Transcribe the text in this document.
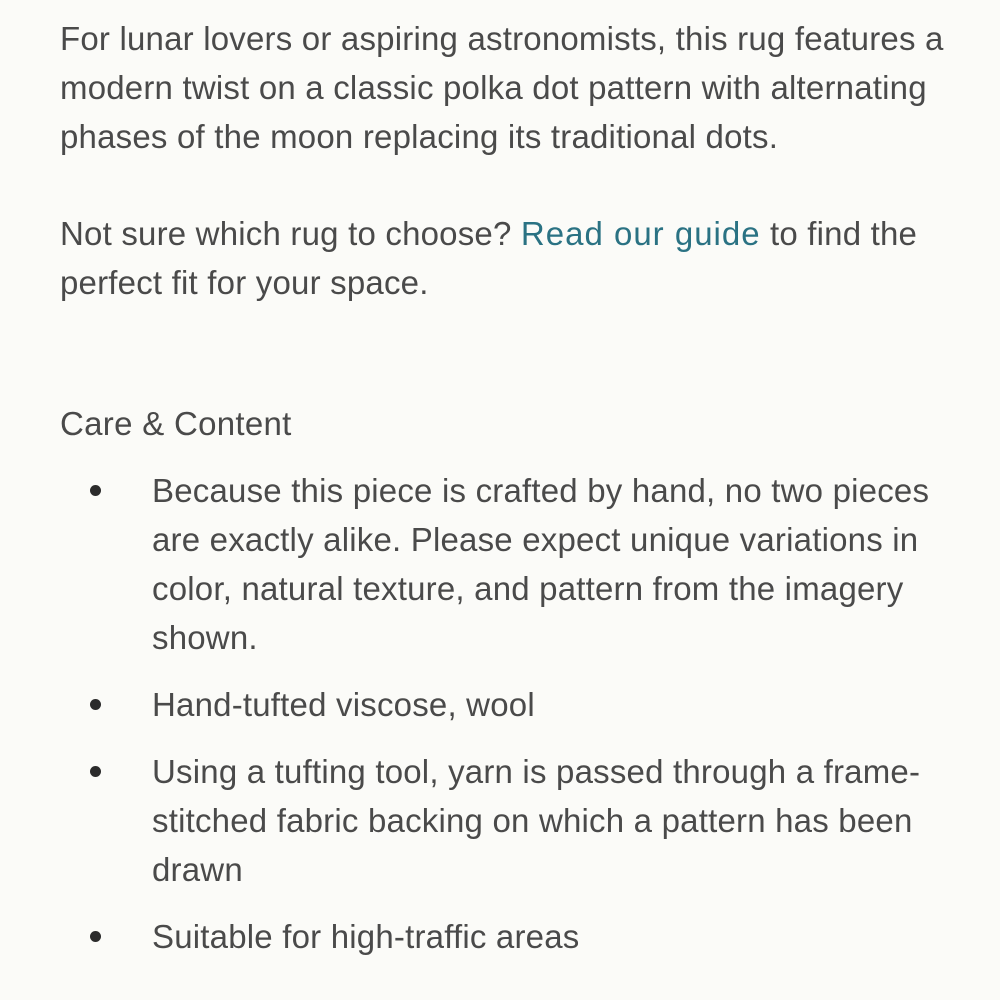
For lunar lovers or aspiring astronomists, this rug features a modern twist on a classic polka dot pattern with alternating phases of the moon replacing its traditional dots.

Not sure which rug to choose? Read our guide to find the perfect fit for your space.

Care & Content
Because this piece is crafted by hand, no two pieces are exactly alike. Please expect unique variations in color, natural texture, and pattern from the imagery shown.
Hand-tufted viscose, wool
Using a tufting tool, yarn is passed through a frame-stitched fabric backing on which a pattern has been drawn
Suitable for high-traffic areas
